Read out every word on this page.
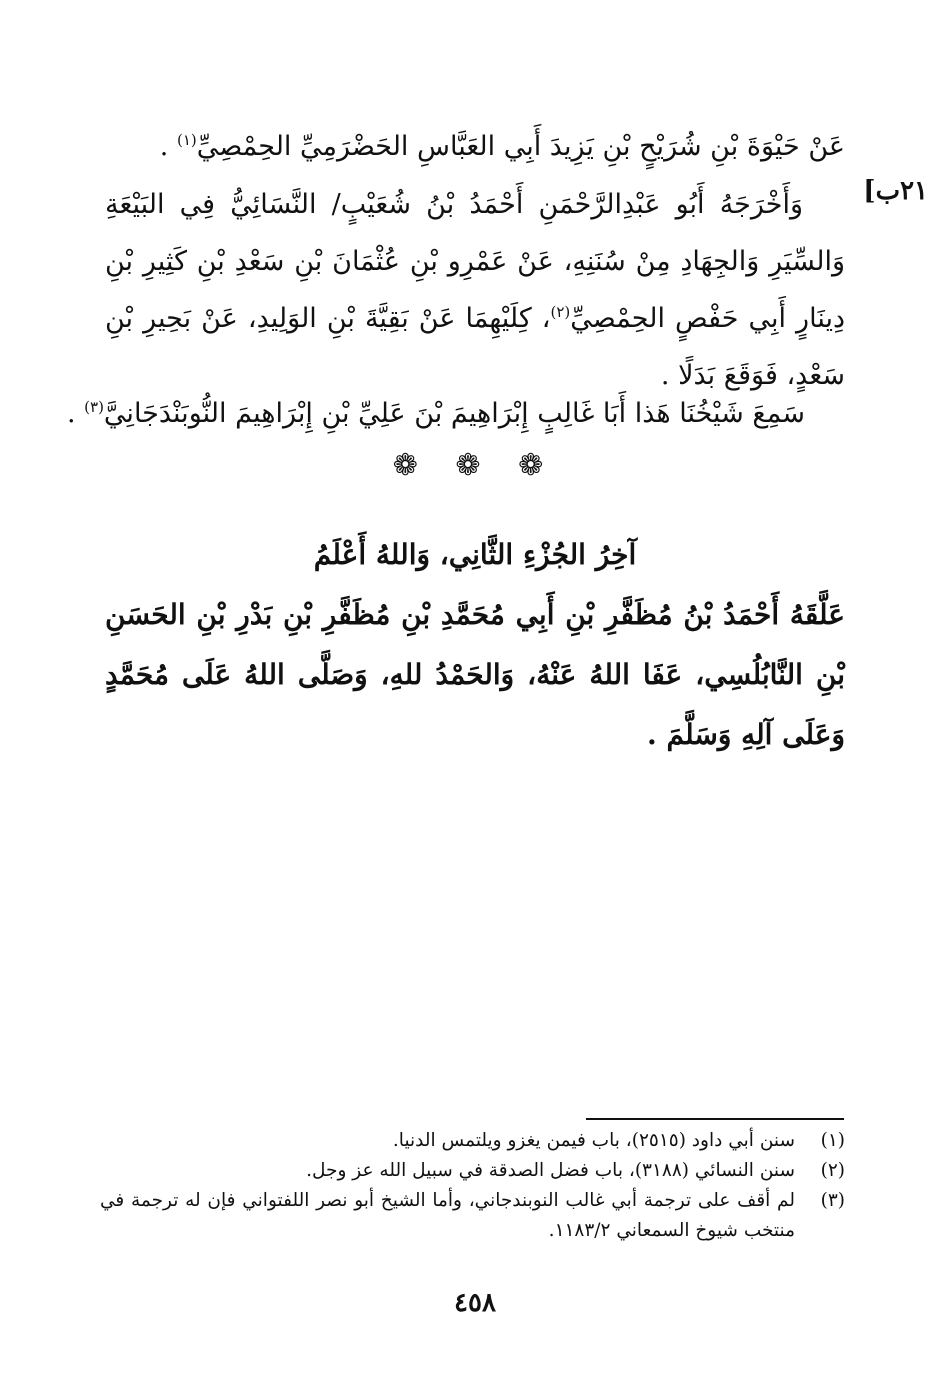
عَنْ حَيْوَةَ بْنِ شُرَيْحٍ بْنِ يَزِيدَ أَبِي العَبَّاسِ الحَضْرَمِيِّ الحِمْصِيِّ$^{(١)}$ .
٢١ب]
وَأَخْرَجَهُ أَبُو عَبْدِالرَّحْمَنِ أَحْمَدُ بْنُ شُعَيْبٍ/ النَّسَائِيُّ فِي البَيْعَةِ وَالسِّيَرِ وَالجِهَادِ مِنْ سُنَنِهِ، عَنْ عَمْرِو بْنِ عُثْمَانَ بْنِ سَعْدِ بْنِ كَثِيرِ بْنِ دِينَارٍ أَبِي حَفْصٍ الحِمْصِيِّ$^{(٢)}$، كِلَيْهِمَا عَنْ بَقِيَّةَ بْنِ الوَلِيدِ، عَنْ بَحِيرِ بْنِ سَعْدٍ، فَوَقَعَ بَدَلًا .
سَمِعَ شَيْخُنَا هَذا أَبَا غَالِبٍ إِبْرَاهِيمَ بْنَ عَلِيِّ بْنِ إِبْرَاهِيمَ النُّوبَنْدَجَانِيَّ$^{(٣)}$ .
❁ ❁ ❁
آخِرُ الجُزْءِ الثَّانِي، وَاللهُ أَعْلَمُ
عَلَّقَهُ أَحْمَدُ بْنُ مُظَفَّرِ بْنِ أَبِي مُحَمَّدِ بْنِ مُظَفَّرِ بْنِ بَدْرِ بْنِ الحَسَنِ بْنِ النَّابُلُسِي، عَفَا اللهُ عَنْهُ، وَالحَمْدُ للهِ، وَصَلَّى اللهُ عَلَى مُحَمَّدٍ وَعَلَى آلِهِ وَسَلَّمَ .
(١)
سنن أبي داود (٢٥١٥)، باب فيمن يغزو ويلتمس الدنيا.
(٢)
سنن النسائي (٣١٨٨)، باب فضل الصدقة في سبيل الله عز وجل.
(٣)
لم أقف على ترجمة أبي غالب النوبندجاني، وأما الشيخ أبو نصر اللفتواني فإن له ترجمة في منتخب شيوخ السمعاني ١١٨٣/٢.
٤٥٨
